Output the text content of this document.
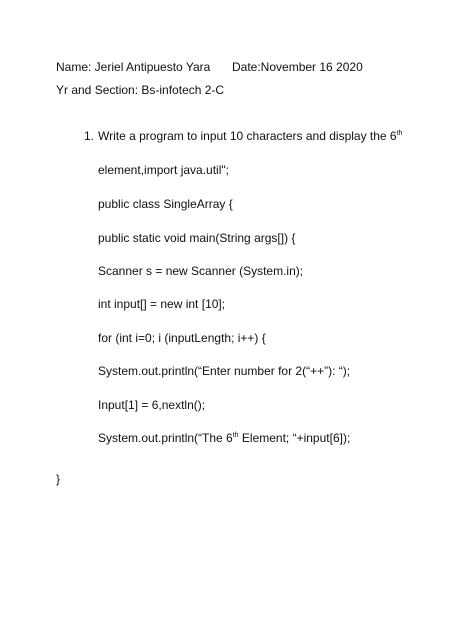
Name: Jeriel Antipuesto Yara Date:November 16 2020
Yr and Section: Bs-infotech 2-C
1. Write a program to input 10 characters and display the 6th
element,import java.util";
public class SingleArray {
public static void main(String args[]) {
Scanner s = new Scanner (System.in);
int input[] = new int [10];
for (int i=0; i (inputLength; i++) {
System.out.println(“Enter number for 2(“++”): “);
Input[1] = 6,nextln();
System.out.println(“The 6th Element; “+input[6]);
}
